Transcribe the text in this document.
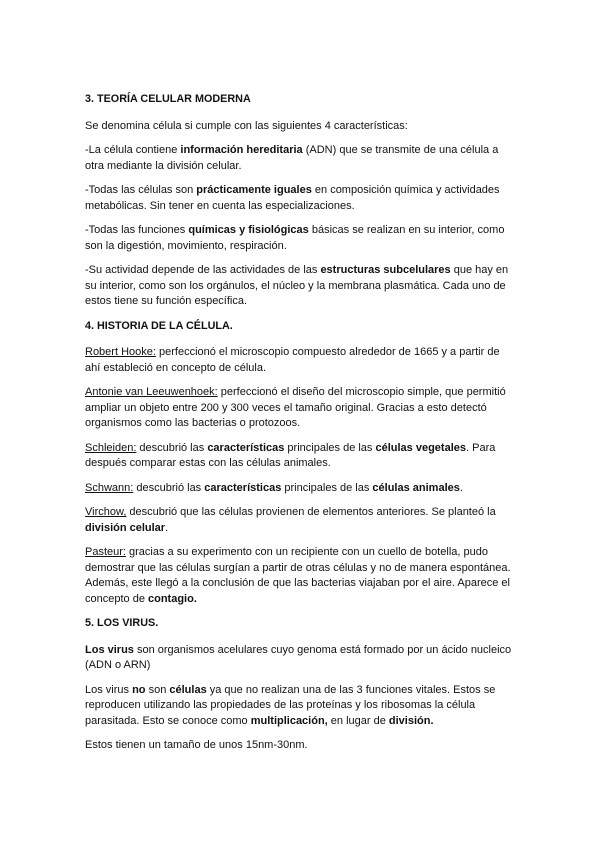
3. TEORÍA CELULAR MODERNA

Se denomina célula si cumple con las siguientes 4 características:

-La célula contiene información hereditaria (ADN) que se transmite de una célula a otra mediante la división celular.

-Todas las células son prácticamente iguales en composición química y actividades metabólicas. Sin tener en cuenta las especializaciones.

-Todas las funciones químicas y fisiológicas básicas se realizan en su interior, como son la digestión, movimiento, respiración.

-Su actividad depende de las actividades de las estructuras subcelulares que hay en su interior, como son los orgánulos, el núcleo y la membrana plasmática. Cada uno de estos tiene su función específica.

4. HISTORIA DE LA CÉLULA.

Robert Hooke: perfeccionó el microscopio compuesto alrededor de 1665 y a partir de ahí estableció en concepto de célula.

Antonie van Leeuwenhoek: perfeccionó el diseño del microscopio simple, que permitió ampliar un objeto entre 200 y 300 veces el tamaño original. Gracias a esto detectó organismos como las bacterias o protozoos.

Schleiden: descubrió las características principales de las células vegetales. Para después comparar estas con las células animales.

Schwann: descubrió las características principales de las células animales.

Virchow, descubrió que las células provienen de elementos anteriores. Se planteó la división celular.

Pasteur: gracias a su experimento con un recipiente con un cuello de botella, pudo demostrar que las células surgían a partir de otras células y no de manera espontánea. Además, este llegó a la conclusión de que las bacterias viajaban por el aire. Aparece el concepto de contagio.

5. LOS VIRUS.

Los virus son organismos acelulares cuyo genoma está formado por un ácido nucleico (ADN o ARN)

Los virus no son células ya que no realizan una de las 3 funciones vitales. Estos se reproducen utilizando las propiedades de las proteínas y los ribosomas la célula parasitada. Esto se conoce como multiplicación, en lugar de división.

Estos tienen un tamaño de unos 15nm-30nm.
